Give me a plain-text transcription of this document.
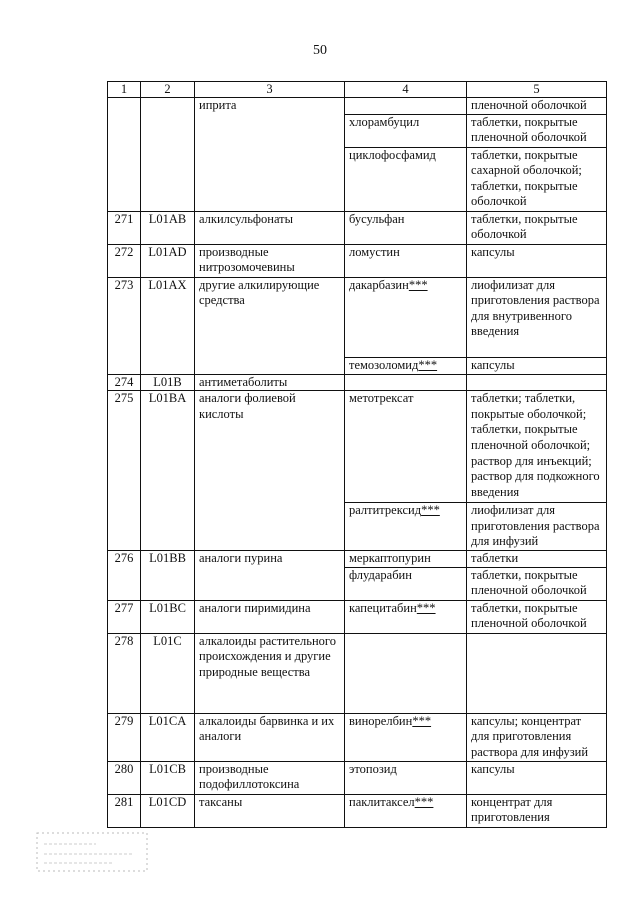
50
1	2	3	4	5
		иприта		пленочной оболочкой
			хлорамбуцил	таблетки, покрытые пленочной оболочкой
			циклофосфамид	таблетки, покрытые сахарной оболочкой; таблетки, покрытые оболочкой
271	L01AB	алкилсульфонаты	бусульфан	таблетки, покрытые оболочкой
272	L01AD	производные нитрозомочевины	ломустин	капсулы
273	L01AX	другие алкилирующие средства	дакарбазин***	лиофилизат для приготовления раствора для внутривенного введения
			темозоломид***	капсулы
274	L01B	антиметаболиты		
275	L01BA	аналоги фолиевой кислоты	метотрексат	таблетки; таблетки, покрытые оболочкой; таблетки, покрытые пленочной оболочкой; раствор для инъекций; раствор для подкожного введения
			ралтитрексид***	лиофилизат для приготовления раствора для инфузий
276	L01BB	аналоги пурина	меркаптопурин	таблетки
			флударабин	таблетки, покрытые пленочной оболочкой
277	L01BC	аналоги пиримидина	капецитабин***	таблетки, покрытые пленочной оболочкой
278	L01C	алкалоиды растительного происхождения и другие природные вещества		
279	L01CA	алкалоиды барвинка и их аналоги	винорелбин***	капсулы; концентрат для приготовления раствора для инфузий
280	L01CB	производные подофиллотоксина	этопозид	капсулы
281	L01CD	таксаны	паклитаксел***	концентрат для приготовления
